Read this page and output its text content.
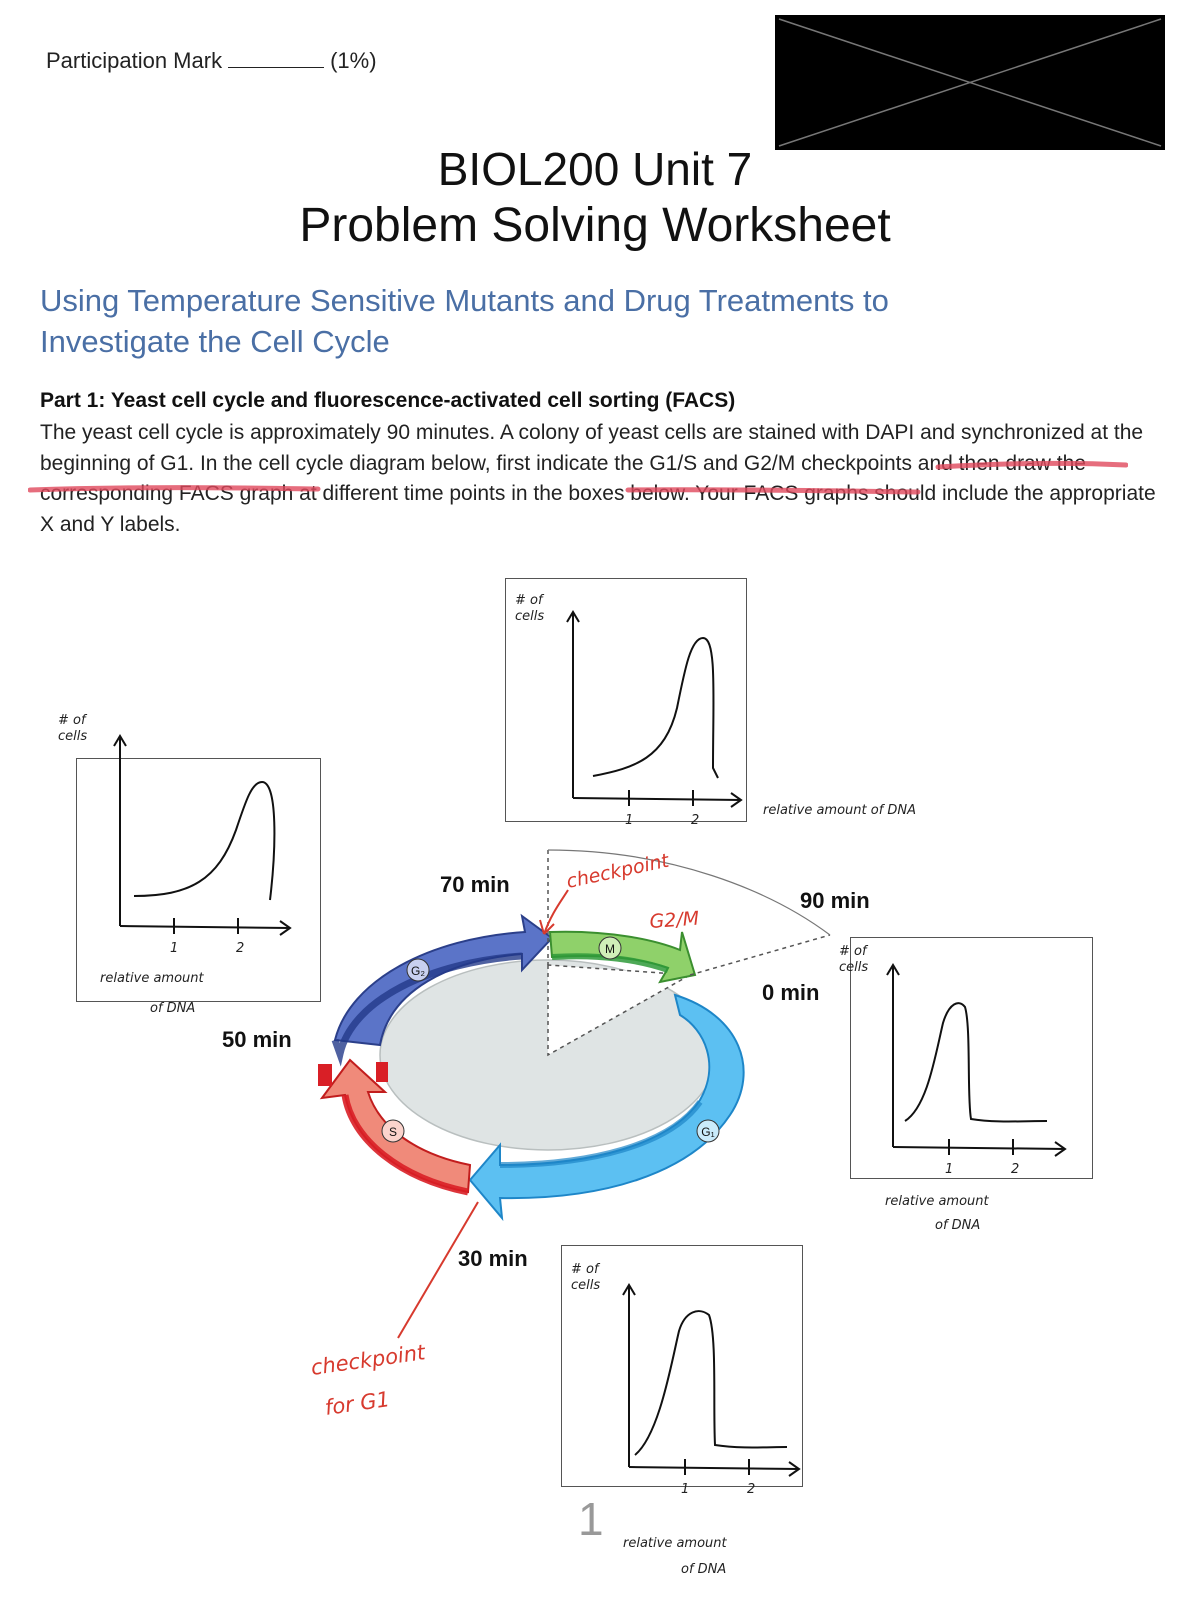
Participation Mark	(1%)
BIOL200 Unit 7
Problem Solving Worksheet
Using Temperature Sensitive Mutants and Drug Treatments to
Investigate the Cell Cycle
Part 1: Yeast cell cycle and fluorescence-activated cell sorting (FACS)
The yeast cell cycle is approximately 90 minutes. A colony of yeast cells are stained with DAPI and synchronized at the beginning of G1. In the cell cycle diagram below, first indicate the G1/S and G2/M checkpoints and then draw the corresponding FACS graph at different time points in the boxes below. Your FACS graphs should include the appropriate X and Y labels.
G₂
M
S	G₁
70 min
90 min
0 min
50 min
30 min
checkpoint
G2/M
checkpoint
for G1
# of
cells
1	2
relative amount of DNA
# of
cells
1	2
relative amount
of DNA
# of
cells
1	2
relative amount
of DNA
# of
cells
1	2
relative amount
of DNA
1
